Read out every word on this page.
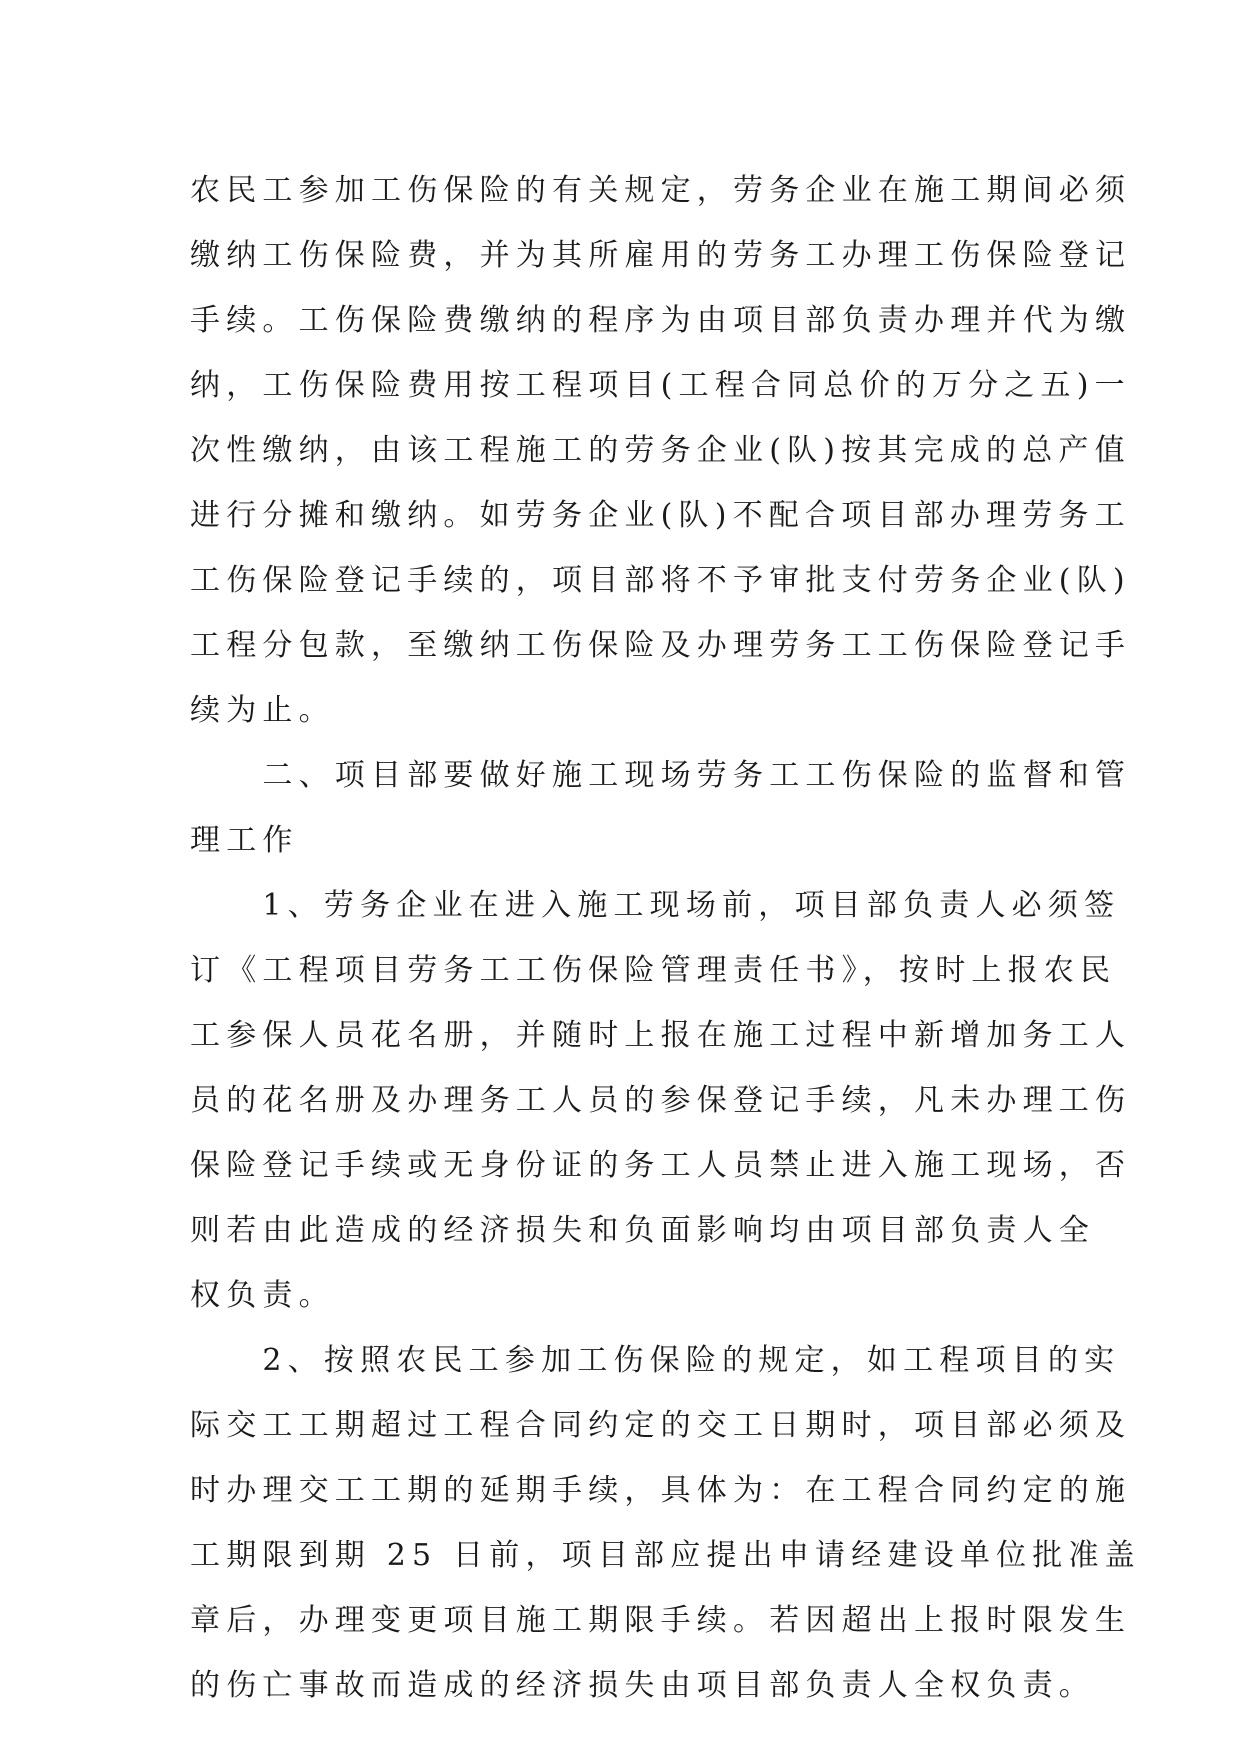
农民工参加工伤保险的有关规定，劳务企业在施工期间必须
缴纳工伤保险费，并为其所雇用的劳务工办理工伤保险登记
手续。工伤保险费缴纳的程序为由项目部负责办理并代为缴
纳，工伤保险费用按工程项目(工程合同总价的万分之五)一
次性缴纳，由该工程施工的劳务企业(队)按其完成的总产值
进行分摊和缴纳。如劳务企业(队)不配合项目部办理劳务工
工伤保险登记手续的，项目部将不予审批支付劳务企业(队)
工程分包款，至缴纳工伤保险及办理劳务工工伤保险登记手
续为止。
　　二、项目部要做好施工现场劳务工工伤保险的监督和管
理工作
　　1、劳务企业在进入施工现场前，项目部负责人必须签
订《工程项目劳务工工伤保险管理责任书》，按时上报农民
工参保人员花名册，并随时上报在施工过程中新增加务工人
员的花名册及办理务工人员的参保登记手续，凡未办理工伤
保险登记手续或无身份证的务工人员禁止进入施工现场，否
则若由此造成的经济损失和负面影响均由项目部负责人全
权负责。
　　2、按照农民工参加工伤保险的规定，如工程项目的实
际交工工期超过工程合同约定的交工日期时，项目部必须及
时办理交工工期的延期手续，具体为：在工程合同约定的施
工期限到期 25 日前，项目部应提出申请经建设单位批准盖
章后，办理变更项目施工期限手续。若因超出上报时限发生
的伤亡事故而造成的经济损失由项目部负责人全权负责。
